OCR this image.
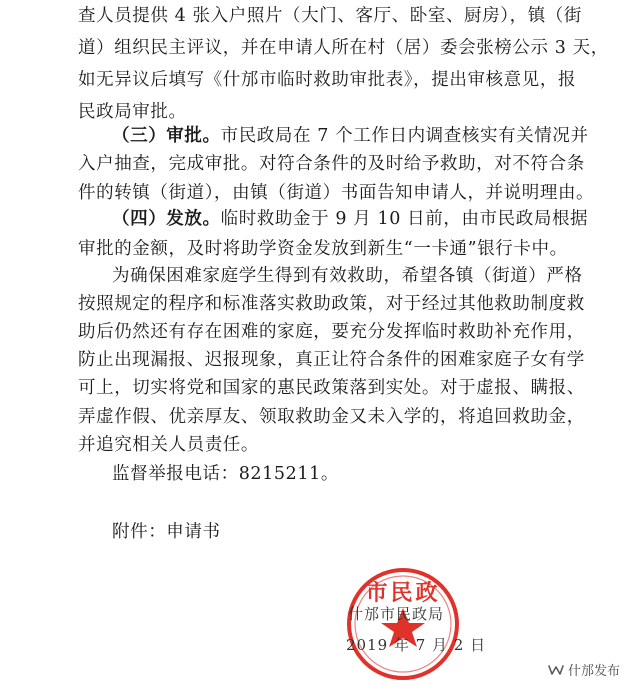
查人员提供 4 张入户照片（大门、客厅、卧室、厨房），镇（街
道）组织民主评议，并在申请人所在村（居）委会张榜公示 3 天，
如无异议后填写《什邡市临时救助审批表》，提出审核意见，报
民政局审批。
（三）审批。市民政局在 7 个工作日内调查核实有关情况并
入户抽查，完成审批。对符合条件的及时给予救助，对不符合条
件的转镇（街道），由镇（街道）书面告知申请人，并说明理由。
（四）发放。临时救助金于 9 月 10 日前，由市民政局根据
审批的金额，及时将助学资金发放到新生“一卡通”银行卡中。
为确保困难家庭学生得到有效救助，希望各镇（街道）严格
按照规定的程序和标准落实救助政策，对于经过其他救助制度救
助后仍然还有存在困难的家庭，要充分发挥临时救助补充作用，
防止出现漏报、迟报现象，真正让符合条件的困难家庭子女有学
可上，切实将党和国家的惠民政策落到实处。对于虚报、瞒报、
弄虚作假、优亲厚友、领取救助金又未入学的，将追回救助金，
并追究相关人员责任。
监督举报电话：8215211。
附件：申请书
市民政
什邡市民政局
2019 年 7 月 2 日
什邡发布
